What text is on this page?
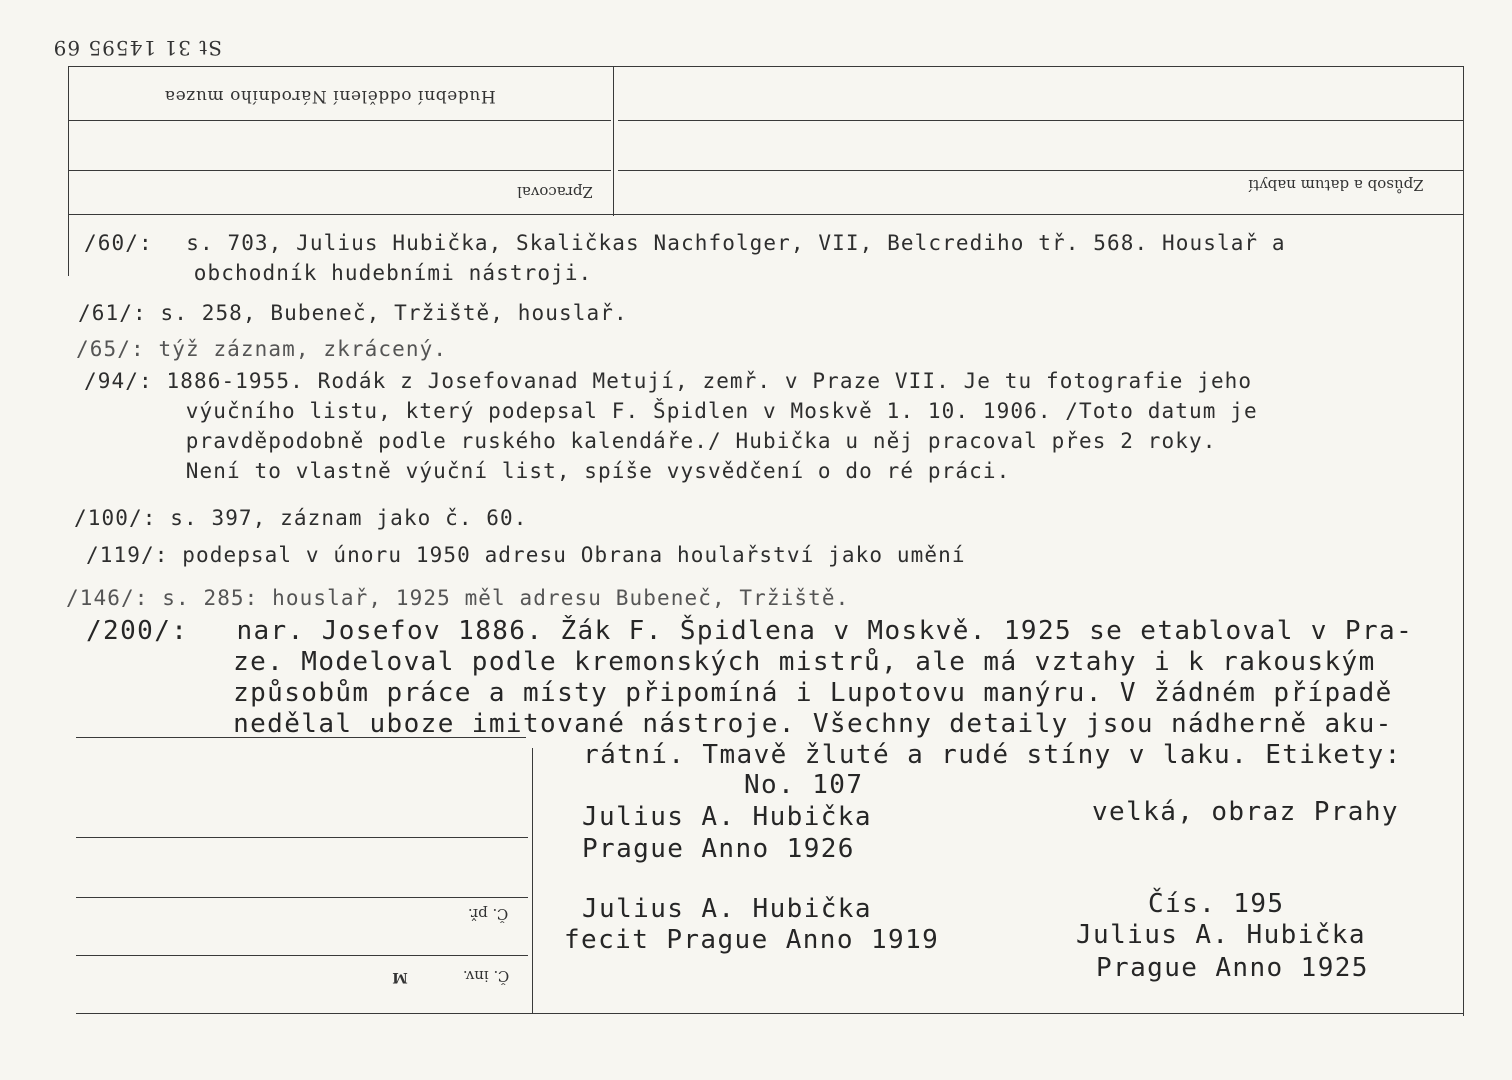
St 31 14595 69
Hudební oddělení Národního muzea
Zpracoval	Způsob a datum nabytí
/60/: s. 703, Julius Hubička, Skaličkas Nachfolger, VII, Belcrediho tř. 568. Houslař a
obchodník hudebními nástroji.
/61/: s. 258, Bubeneč, Tržiště, houslař.
/65/: týž záznam, zkrácený.
/94/: 1886-1955. Rodák z Josefovanad Metují, zemř. v Praze VII. Je tu fotografie jeho
výučního listu, který podepsal F. Špidlen v Moskvě 1. 10. 1906. /Toto datum je
pravděpodobně podle ruského kalendáře./ Hubička u něj pracoval přes 2 roky.
Není to vlastně výuční list, spíše vysvědčení o do ré práci.
/100/: s. 397, záznam jako č. 60.
/119/: podepsal v únoru 1950 adresu Obrana houlařství jako umění
/146/: s. 285: houslař, 1925 měl adresu Bubeneč, Tržiště.
/200/: nar. Josefov 1886. Žák F. Špidlena v Moskvě. 1925 se etabloval v Pra-
ze. Modeloval podle kremonských mistrů, ale má vztahy i k rakouským
způsobům práce a místy připomíná i Lupotovu manýru. V žádném případě
nedělal uboze imitované nástroje. Všechny detaily jsou nádherně aku-
rátní. Tmavě žluté a rudé stíny v laku. Etikety:
Č. př.
Č. inv.
M
No. 107
Julius A. Hubička
Prague Anno 1926
velká, obraz Prahy
Julius A. Hubička
fecit Prague Anno 1919
Čís. 195
Julius A. Hubička
Prague Anno 1925
